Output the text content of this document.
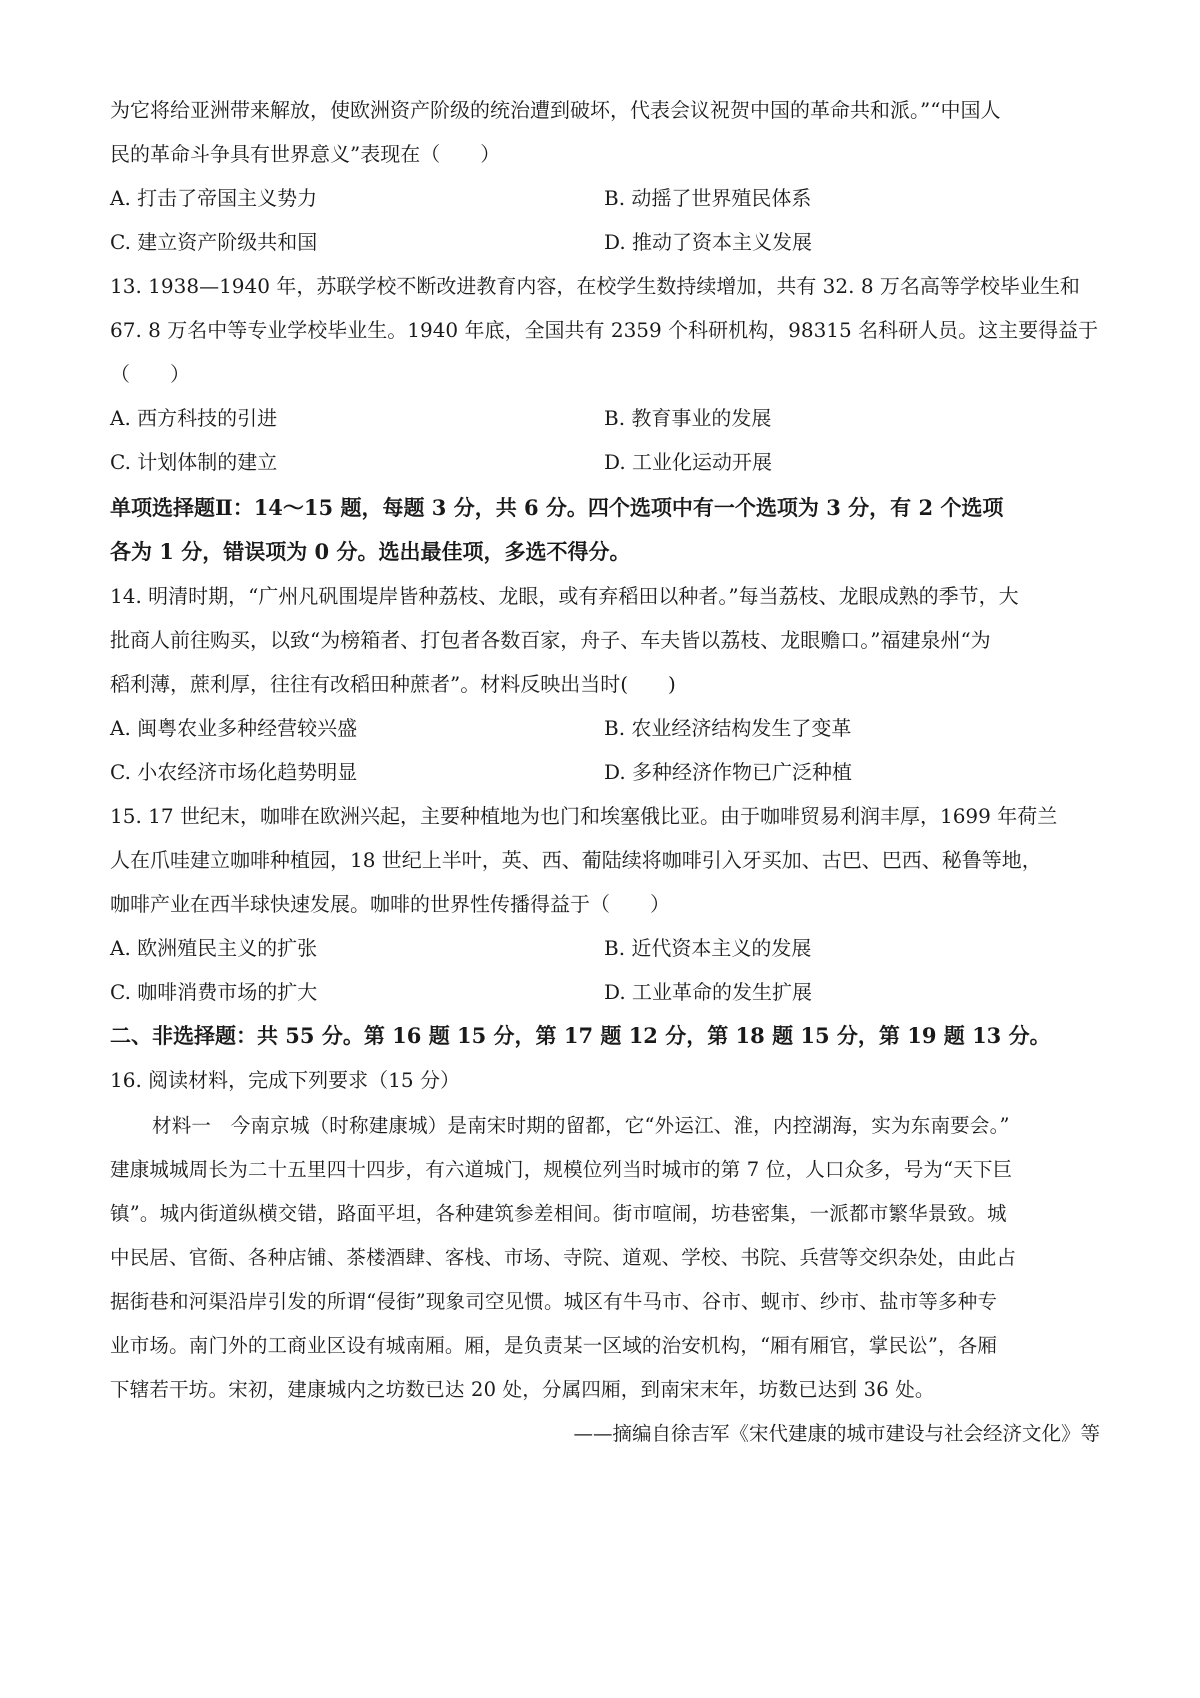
为它将给亚洲带来解放，使欧洲资产阶级的统治遭到破坏，代表会议祝贺中国的革命共和派。”“中国人
民的革命斗争具有世界意义”表现在（　　）
A. 打击了帝国主义势力	B. 动摇了世界殖民体系
C. 建立资产阶级共和国	D. 推动了资本主义发展
13. 1938—1940 年，苏联学校不断改进教育内容，在校学生数持续增加，共有 32. 8 万名高等学校毕业生和
67. 8 万名中等专业学校毕业生。1940 年底，全国共有 2359 个科研机构，98315 名科研人员。这主要得益于
（　　）
A. 西方科技的引进	B. 教育事业的发展
C. 计划体制的建立	D. 工业化运动开展
单项选择题Ⅱ：14～15 题，每题 3 分，共 6 分。四个选项中有一个选项为 3 分，有 2 个选项
各为 1 分，错误项为 0 分。选出最佳项，多选不得分。
14. 明清时期，“广州凡矾围堤岸皆种荔枝、龙眼，或有弃稻田以种者。”每当荔枝、龙眼成熟的季节，大
批商人前往购买，以致“为榜箱者、打包者各数百家，舟子、车夫皆以荔枝、龙眼赡口。”福建泉州“为
稻利薄，蔗利厚，往往有改稻田种蔗者”。材料反映出当时(　　)
A. 闽粤农业多种经营较兴盛	B. 农业经济结构发生了变革
C. 小农经济市场化趋势明显	D. 多种经济作物已广泛种植
15. 17 世纪末，咖啡在欧洲兴起，主要种植地为也门和埃塞俄比亚。由于咖啡贸易利润丰厚，1699 年荷兰
人在爪哇建立咖啡种植园，18 世纪上半叶，英、西、葡陆续将咖啡引入牙买加、古巴、巴西、秘鲁等地，
咖啡产业在西半球快速发展。咖啡的世界性传播得益于（　　）
A. 欧洲殖民主义的扩张	B. 近代资本主义的发展
C. 咖啡消费市场的扩大	D. 工业革命的发生扩展
二、非选择题：共 55 分。第 16 题 15 分，第 17 题 12 分，第 18 题 15 分，第 19 题 13 分。
16. 阅读材料，完成下列要求（15 分）
材料一　今南京城（时称建康城）是南宋时期的留都，它“外运江、淮，内控湖海，实为东南要会。”
建康城城周长为二十五里四十四步，有六道城门，规模位列当时城市的第 7 位，人口众多，号为“天下巨
镇”。城内街道纵横交错，路面平坦，各种建筑参差相间。街市喧闹，坊巷密集，一派都市繁华景致。城
中民居、官衙、各种店铺、茶楼酒肆、客栈、市场、寺院、道观、学校、书院、兵营等交织杂处，由此占
据街巷和河渠沿岸引发的所谓“侵街”现象司空见惯。城区有牛马市、谷市、蚬市、纱市、盐市等多种专
业市场。南门外的工商业区设有城南厢。厢，是负责某一区域的治安机构，“厢有厢官，掌民讼”，各厢
下辖若干坊。宋初，建康城内之坊数已达 20 处，分属四厢，到南宋末年，坊数已达到 36 处。
——摘编自徐吉军《宋代建康的城市建设与社会经济文化》等
